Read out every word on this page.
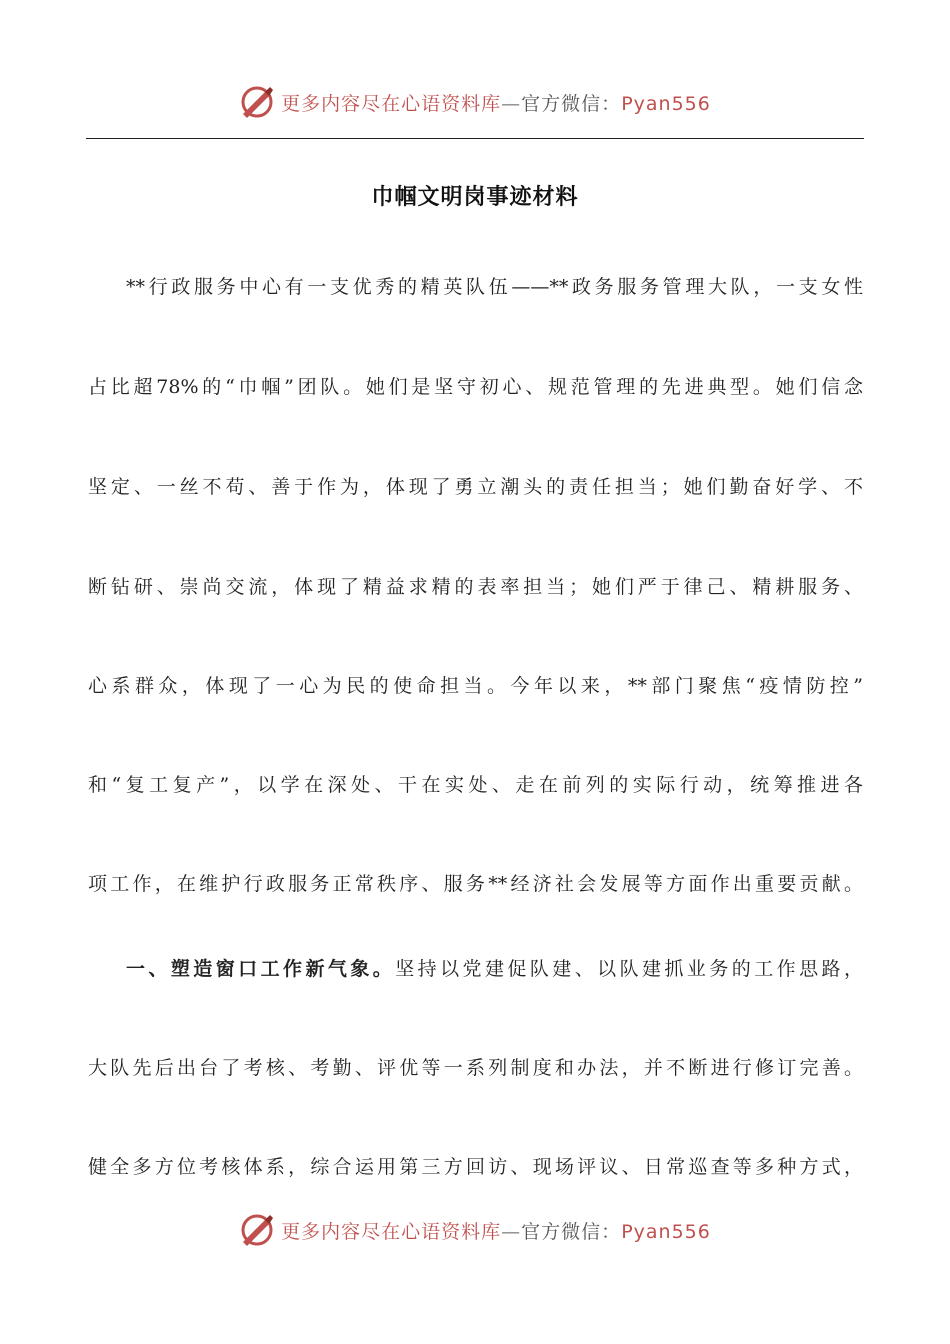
更多内容尽在心语资料库—官方微信：Pyan556
巾帼文明岗事迹材料
**行政服务中心有一支优秀的精英队伍——**政务服务管理大队，一支女性
占比超78%的“巾帼”团队。她们是坚守初心、规范管理的先进典型。她们信念
坚定、一丝不苟、善于作为，体现了勇立潮头的责任担当；她们勤奋好学、不
断钻研、崇尚交流，体现了精益求精的表率担当；她们严于律己、精耕服务、
心系群众，体现了一心为民的使命担当。今年以来，**部门聚焦“疫情防控”
和“复工复产”，以学在深处、干在实处、走在前列的实际行动，统筹推进各
项工作，在维护行政服务正常秩序、服务**经济社会发展等方面作出重要贡献。
一、塑造窗口工作新气象。坚持以党建促队建、以队建抓业务的工作思路，
大队先后出台了考核、考勤、评优等一系列制度和办法，并不断进行修订完善。
健全多方位考核体系，综合运用第三方回访、现场评议、日常巡查等多种方式，
更多内容尽在心语资料库—官方微信：Pyan556
